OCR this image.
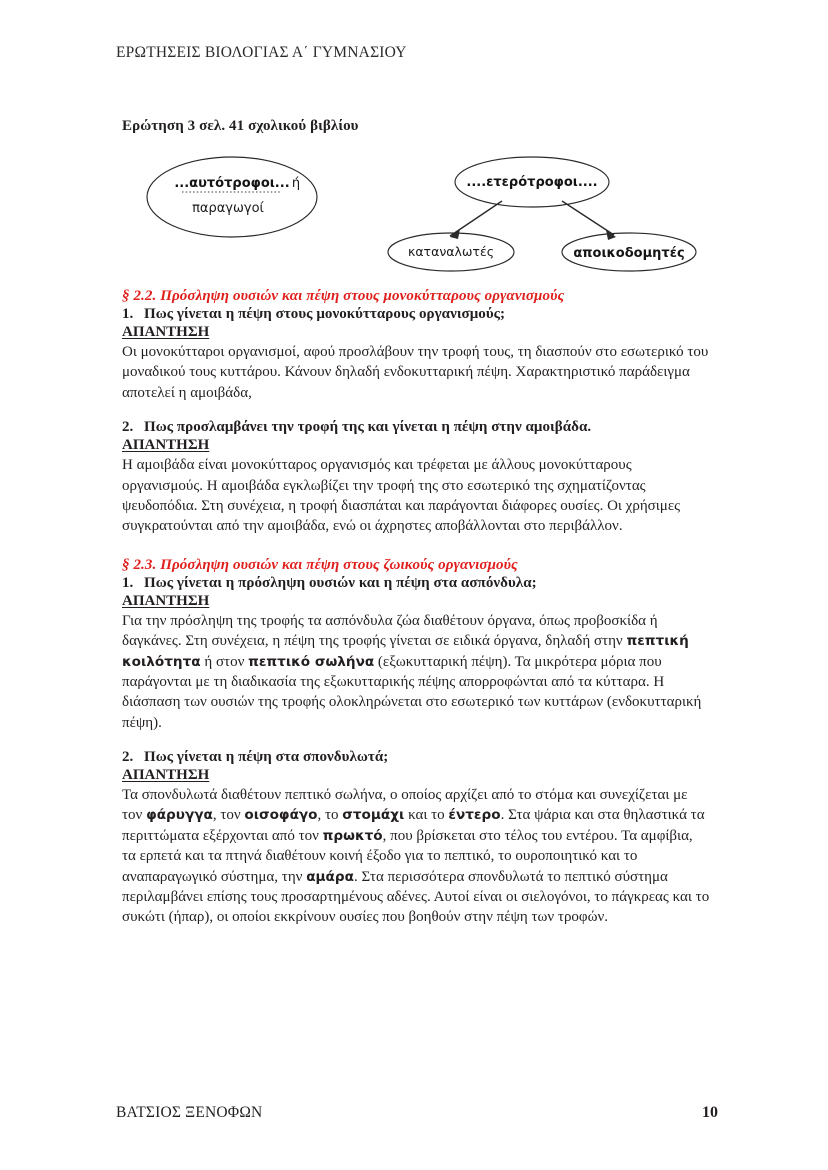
ΕΡΩΤΗΣΕΙΣ ΒΙΟΛΟΓΙΑΣ Α΄ ΓΥΜΝΑΣΙΟΥ

Ερώτηση 3 σελ. 41 σχολικού βιβλίου

...αυτότροφοι... ή
παραγωγοί
....ετερότροφοι....
καταναλωτές	αποικοδομητές

§ 2.2. Πρόσληψη ουσιών και πέψη στους μονοκύτταρους οργανισμούς

1. Πως γίνεται η πέψη στους μονοκύτταρους οργανισμούς;

ΑΠΑΝΤΗΣΗ

Οι μονοκύτταροι οργανισμοί, αφού προσλάβουν την τροφή τους, τη διασπούν στο εσωτερικό του μοναδικού τους κυττάρου. Κάνουν δηλαδή ενδοκυτταρική πέψη. Χαρακτηριστικό παράδειγμα αποτελεί η αμοιβάδα,

2. Πως προσλαμβάνει την τροφή της και γίνεται η πέψη στην αμοιβάδα.

ΑΠΑΝΤΗΣΗ

Η αμοιβάδα είναι μονοκύτταρος οργανισμός και τρέφεται με άλλους μονοκύτταρους οργανισμούς. Η αμοιβάδα εγκλωβίζει την τροφή της στο εσωτερικό της σχηματίζοντας ψευδοπόδια. Στη συνέχεια, η τροφή διασπάται και παράγονται διάφορες ουσίες. Οι χρήσιμες συγκρατούνται από την αμοιβάδα, ενώ οι άχρηστες αποβάλλονται στο περιβάλλον.

§ 2.3. Πρόσληψη ουσιών και πέψη στους ζωικούς οργανισμούς

1. Πως γίνεται η πρόσληψη ουσιών και η πέψη στα ασπόνδυλα;

ΑΠΑΝΤΗΣΗ

Για την πρόσληψη της τροφής τα ασπόνδυλα ζώα διαθέτουν όργανα, όπως προβοσκίδα ή δαγκάνες. Στη συνέχεια, η πέψη της τροφής γίνεται σε ειδικά όργανα, δηλαδή στην πεπτική κοιλότητα ή στον πεπτικό σωλήνα (εξωκυτταρική πέψη). Τα μικρότερα μόρια που παράγονται με τη διαδικασία της εξωκυτταρικής πέψης απορροφώνται από τα κύτταρα. Η διάσπαση των ουσιών της τροφής ολοκληρώνεται στο εσωτερικό των κυττάρων (ενδοκυτταρική πέψη).

2. Πως γίνεται η πέψη στα σπονδυλωτά;

ΑΠΑΝΤΗΣΗ

Τα σπονδυλωτά διαθέτουν πεπτικό σωλήνα, ο οποίος αρχίζει από το στόμα και συνεχίζεται με τον φάρυγγα, τον οισοφάγο, το στομάχι και το έντερο. Στα ψάρια και στα θηλαστικά τα περιττώματα εξέρχονται από τον πρωκτό, που βρίσκεται στο τέλος του εντέρου. Τα αμφίβια, τα ερπετά και τα πτηνά διαθέτουν κοινή έξοδο για το πεπτικό, το ουροποιητικό και το αναπαραγωγικό σύστημα, την αμάρα. Στα περισσότερα σπονδυλωτά το πεπτικό σύστημα περιλαμβάνει επίσης τους προσαρτημένους αδένες. Αυτοί είναι οι σιελογόνοι, το πάγκρεας και το συκώτι (ήπαρ), οι οποίοι εκκρίνουν ουσίες που βοηθούν στην πέψη των τροφών.

ΒΑΤΣΙΟΣ ΞΕΝΟΦΩΝ	10
